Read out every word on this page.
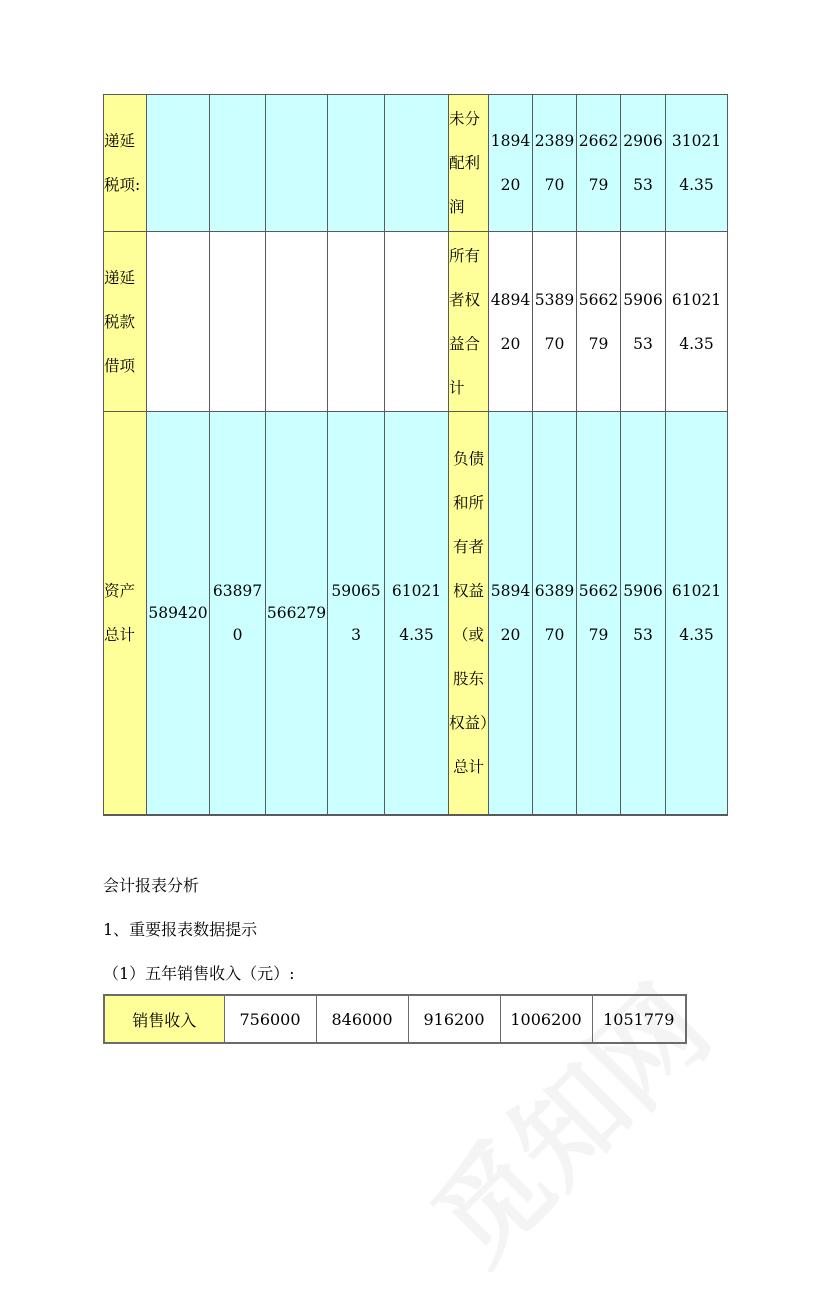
递延税项:						未分配利润	189420	238970	266279	290653	310214.35
递延税款借项						所有者权益合计	489420	538970	566279	590653	610214.35
资产总计	589420	638970	566279	590653	610214.35	负债和所有者权益（或股东权益）总计	589420	638970	566279	590653	610214.35
会计报表分析
1、重要报表数据提示
（1）五年销售收入（元）:
销售收入	756000	846000	916200	1006200	1051779
